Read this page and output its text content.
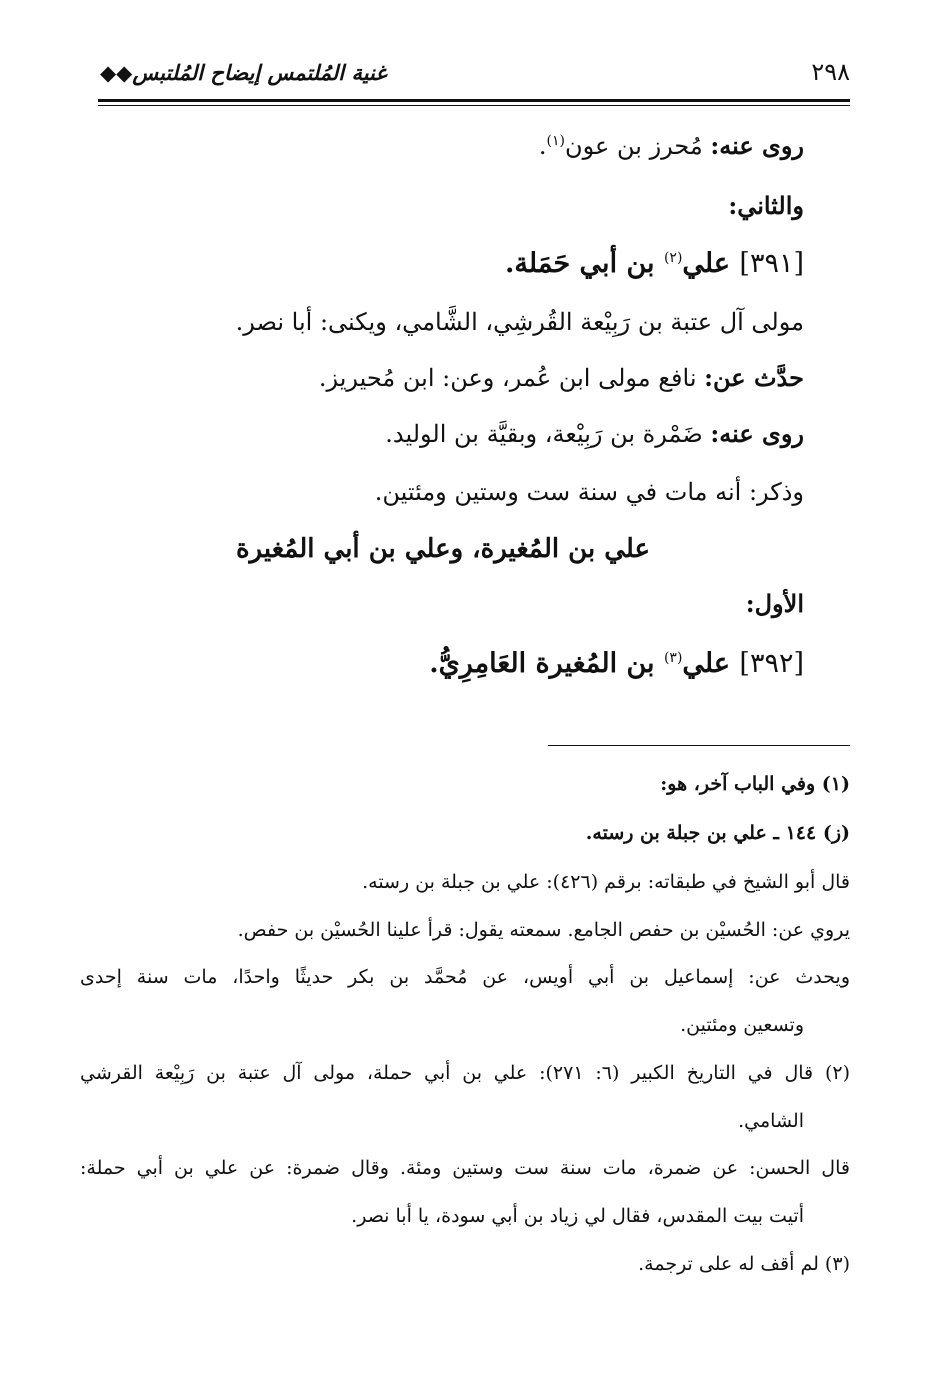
٢٩٨
غنية المُلتمس إيضاح المُلتبس◆◆
روى عنه: مُحرز بن عون$^{(١)}$.
والثاني:
[٣٩١] علي$^{(٢)}$ بن أبي حَمَلة.
مولى آل عتبة بن رَبِيْعة القُرشِي، الشَّامي، ويكنى: أبا نصر.
حدَّث عن: نافع مولى ابن عُمر، وعن: ابن مُحيريز.
روى عنه: ضَمْرة بن رَبِيْعة، وبقيَّة بن الوليد.
وذكر: أنه مات في سنة ست وستين ومئتين.
علي بن المُغيرة، وعلي بن أبي المُغيرة
الأول:
[٣٩٢] علي$^{(٣)}$ بن المُغيرة العَامِرِيُّ.
(١) وفي الباب آخر، هو:
(ز) ١٤٤ ـ علي بن جبلة بن رسته.
قال أبو الشيخ في طبقاته: برقم (٤٢٦): علي بن جبلة بن رسته.
يروي عن: الحُسيْن بن حفص الجامع. سمعته يقول: قرأ علينا الحُسيْن بن حفص.
ويحدث عن: إسماعيل بن أبي أويس، عن مُحمَّد بن بكر حديثًا واحدًا، مات سنة إحدى
وتسعين ومئتين.
(٢) قال في التاريخ الكبير (٦: ٢٧١): علي بن أبي حملة، مولى آل عتبة بن رَبِيْعة القرشي
الشامي.
قال الحسن: عن ضمرة، مات سنة ست وستين ومئة. وقال ضمرة: عن علي بن أبي حملة:
أتيت بيت المقدس، فقال لي زياد بن أبي سودة، يا أبا نصر.
(٣) لم أقف له على ترجمة.
